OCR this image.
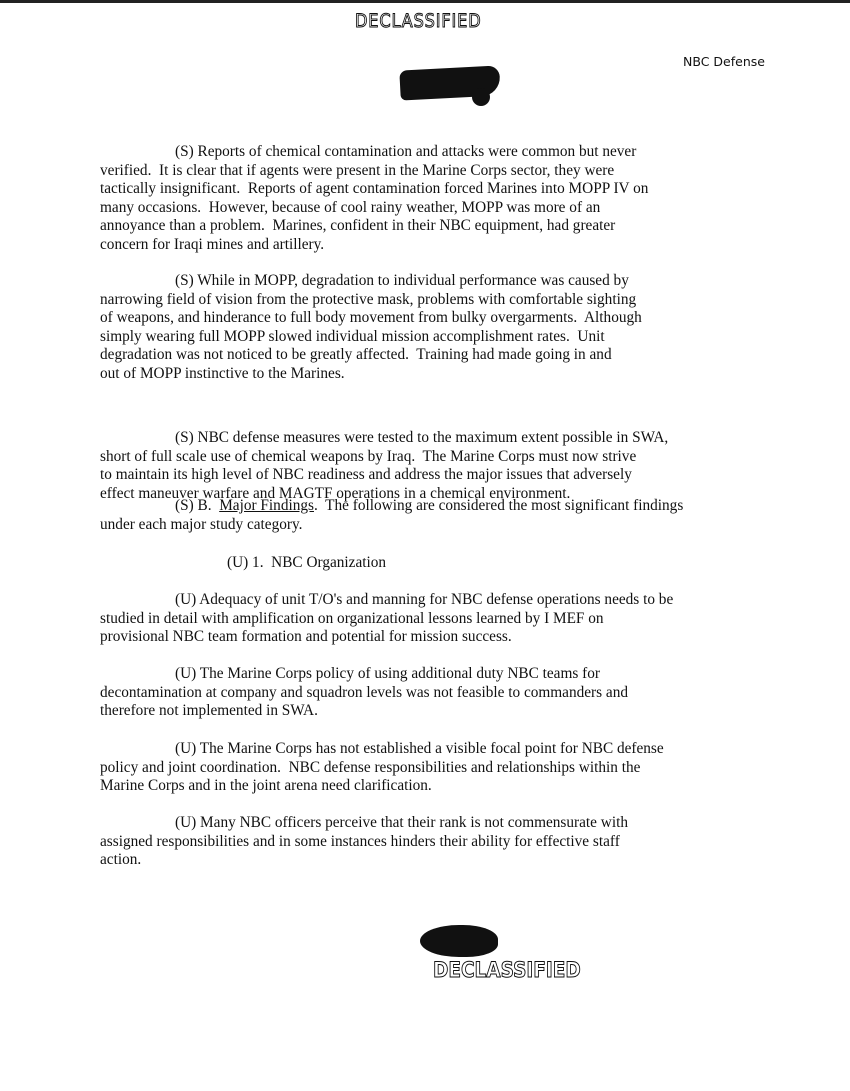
DECLASSIFIED
NBC Defense
(S) Reports of chemical contamination and attacks were common but never
verified.  It is clear that if agents were present in the Marine Corps sector, they were
tactically insignificant.  Reports of agent contamination forced Marines into MOPP IV on
many occasions.  However, because of cool rainy weather, MOPP was more of an
annoyance than a problem.  Marines, confident in their NBC equipment, had greater
concern for Iraqi mines and artillery.
(S) While in MOPP, degradation to individual performance was caused by
narrowing field of vision from the protective mask, problems with comfortable sighting
of weapons, and hinderance to full body movement from bulky overgarments.  Although
simply wearing full MOPP slowed individual mission accomplishment rates.  Unit
degradation was not noticed to be greatly affected.  Training had made going in and
out of MOPP instinctive to the Marines.
(S) NBC defense measures were tested to the maximum extent possible in SWA,
short of full scale use of chemical weapons by Iraq.  The Marine Corps must now strive
to maintain its high level of NBC readiness and address the major issues that adversely
effect maneuver warfare and MAGTF operations in a chemical environment.
(S) B.  Major Findings.  The following are considered the most significant findings
under each major study category.
(U) 1.  NBC Organization
(U) Adequacy of unit T/O's and manning for NBC defense operations needs to be
studied in detail with amplification on organizational lessons learned by I MEF on
provisional NBC team formation and potential for mission success.
(U) The Marine Corps policy of using additional duty NBC teams for
decontamination at company and squadron levels was not feasible to commanders and
therefore not implemented in SWA.
(U) The Marine Corps has not established a visible focal point for NBC defense
policy and joint coordination.  NBC defense responsibilities and relationships within the
Marine Corps and in the joint arena need clarification.
(U) Many NBC officers perceive that their rank is not commensurate with
assigned responsibilities and in some instances hinders their ability for effective staff
action.
DECLASSIFIED
